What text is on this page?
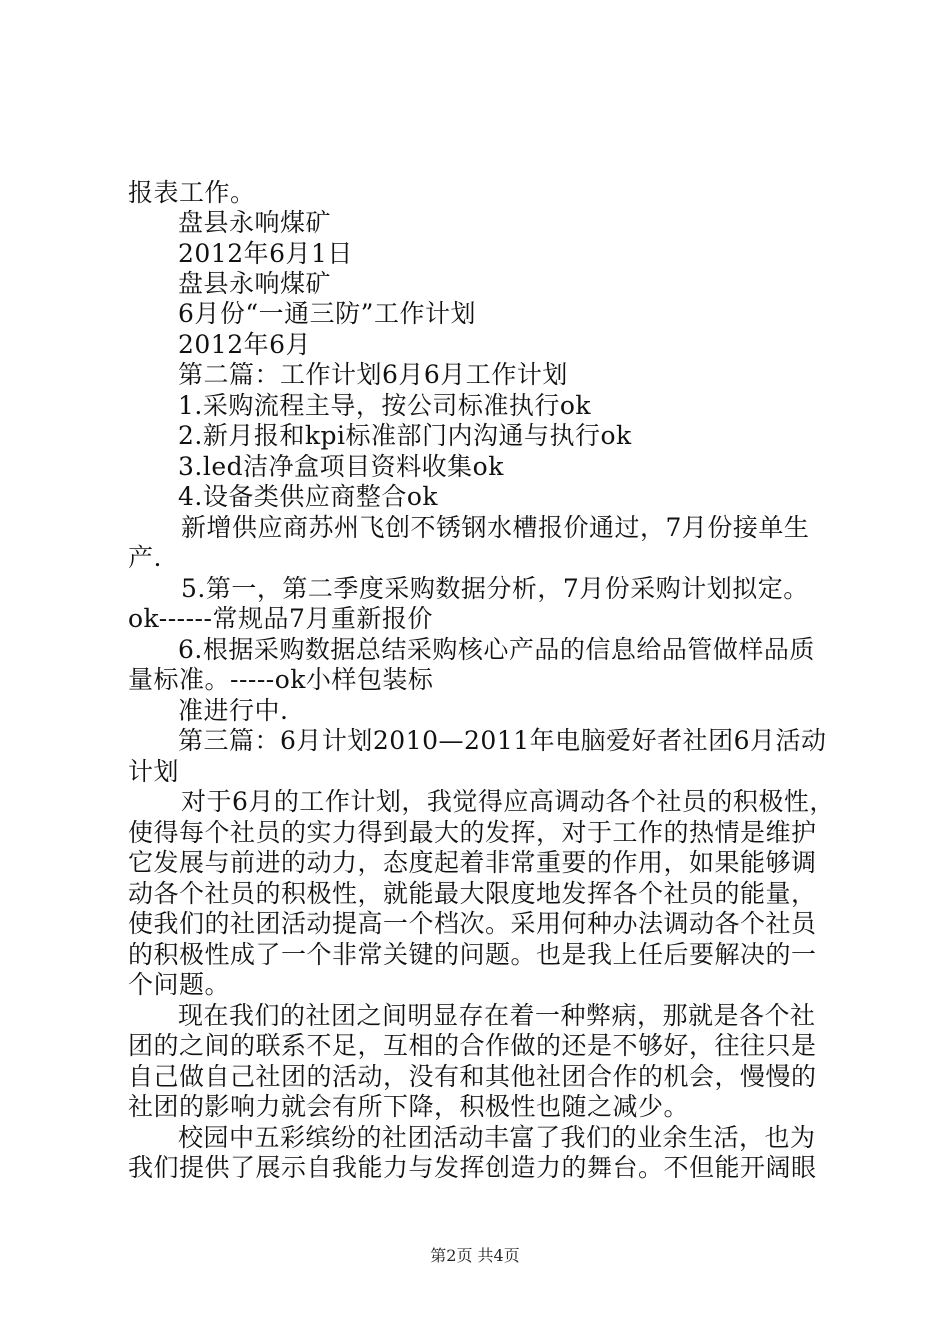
报表工作。
盘县永响煤矿
2012年6月1日
盘县永响煤矿
6月份“一通三防”工作计划
2012年6月
第二篇：工作计划6月6月工作计划
1.采购流程主导，按公司标准执行ok
2.新月报和kpi标准部门内沟通与执行ok
3.led洁净盒项目资料收集ok
4.设备类供应商整合ok
新增供应商苏州飞创不锈钢水槽报价通过，7月份接单生
产.
5.第一，第二季度采购数据分析，7月份采购计划拟定。
ok------常规品7月重新报价
6.根据采购数据总结采购核心产品的信息给品管做样品质
量标准。-----ok小样包装标
准进行中.
第三篇：6月计划2010—2011年电脑爱好者社团6月活动
计划
对于6月的工作计划，我觉得应高调动各个社员的积极性，
使得每个社员的实力得到最大的发挥，对于工作的热情是维护
它发展与前进的动力，态度起着非常重要的作用，如果能够调
动各个社员的积极性，就能最大限度地发挥各个社员的能量，
使我们的社团活动提高一个档次。采用何种办法调动各个社员
的积极性成了一个非常关键的问题。也是我上任后要解决的一
个问题。
现在我们的社团之间明显存在着一种弊病，那就是各个社
团的之间的联系不足，互相的合作做的还是不够好，往往只是
自己做自己社团的活动，没有和其他社团合作的机会，慢慢的
社团的影响力就会有所下降，积极性也随之减少。
校园中五彩缤纷的社团活动丰富了我们的业余生活，也为
我们提供了展示自我能力与发挥创造力的舞台。不但能开阔眼
第2页 共4页
